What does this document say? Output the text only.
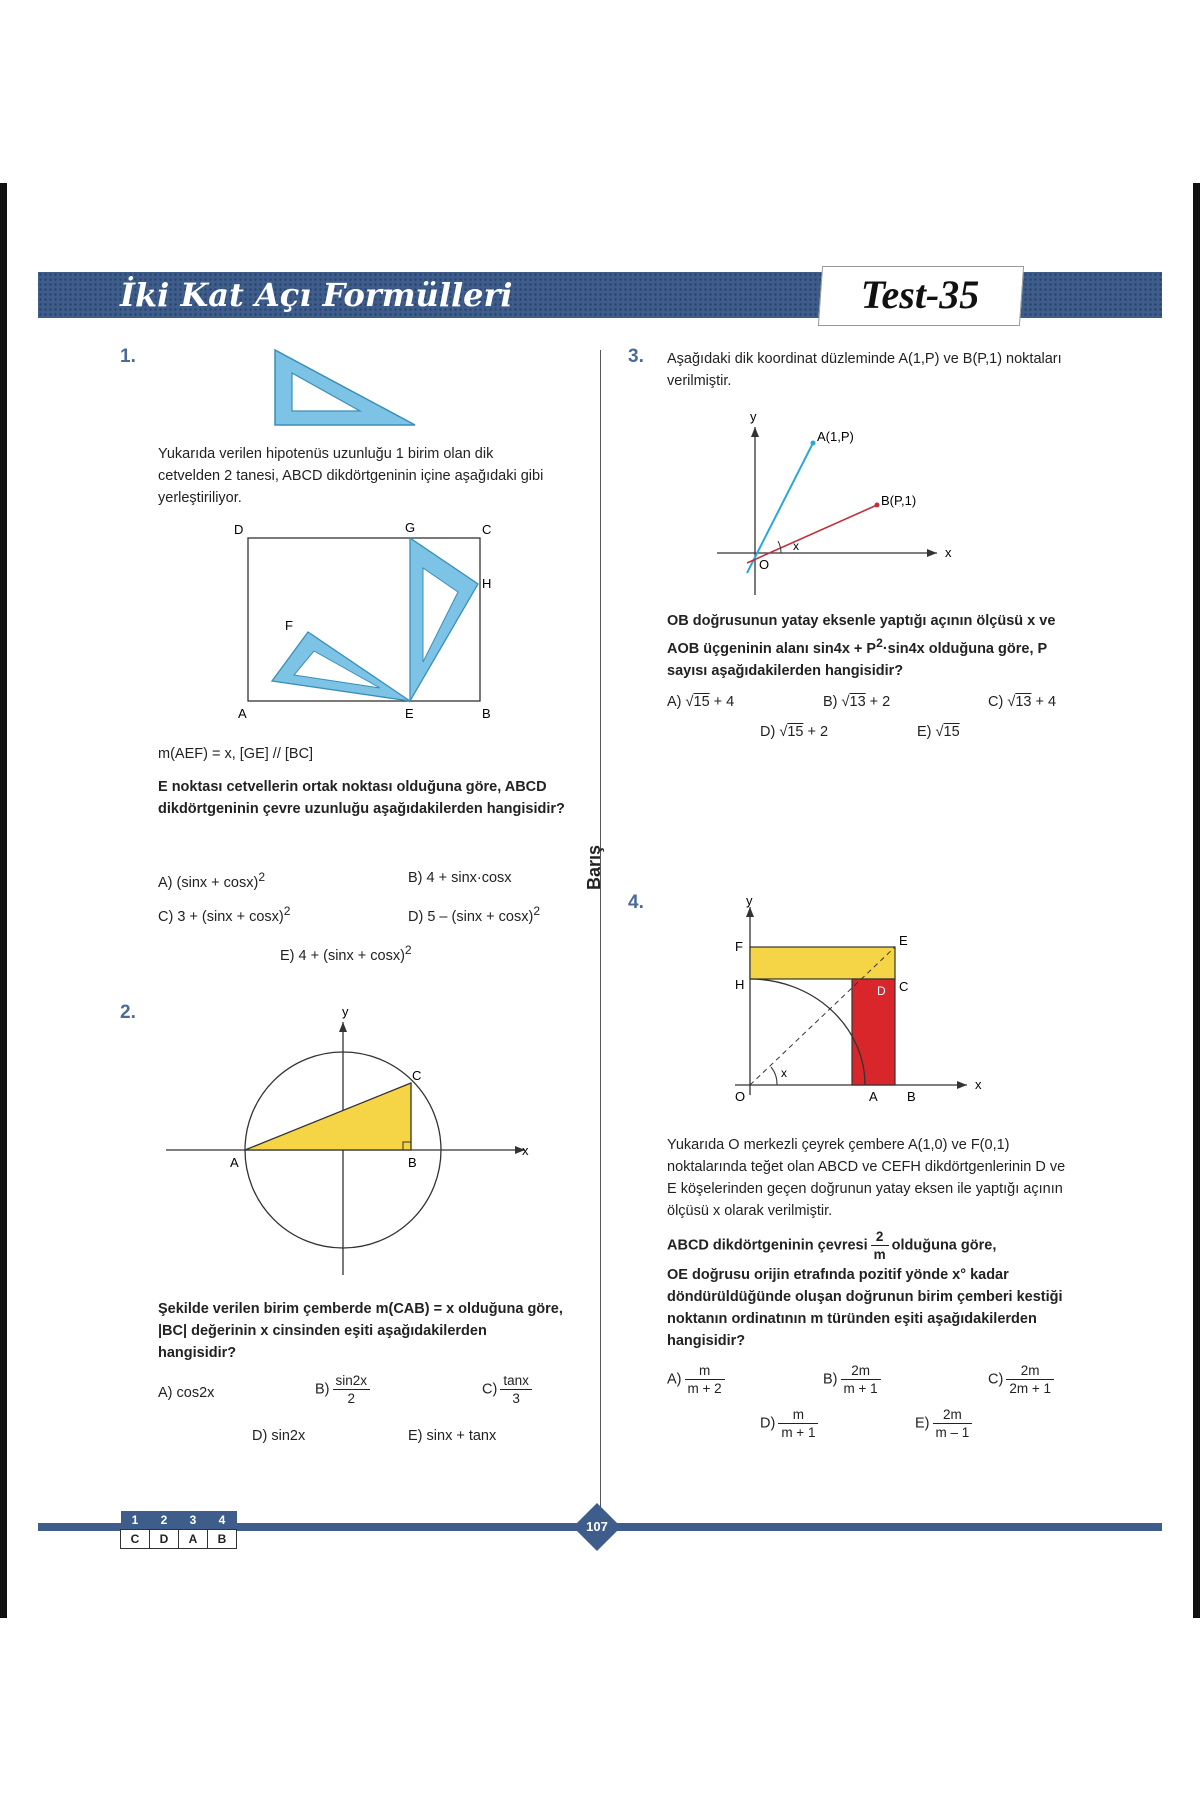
İki Kat Açı Formülleri	Test-35
Barış
1.
Yukarıda verilen hipotenüs uzunluğu 1 birim olan dik cetvelden 2 tanesi, ABCD dikdörtgeninin içine aşağıdaki gibi yerleştiriliyor.
D	G	C
H
F
A	E	B
m(AEF) = x, [GE] // [BC]
E noktası cetvellerin ortak noktası olduğuna göre, ABCD dikdörtgeninin çevre uzunluğu aşağıdakilerden hangisidir?
A) $(\sin x + \cos x)^2$	B) 4 + sinx·cosx
C) $3 + (\sin x + \cos x)^2$	D) $5 - (\sin x + \cos x)^2$
E) $4 + (\sin x + \cos x)^2$
2.	y
x
A	B
C
Şekilde verilen birim çemberde m(CAB) = x olduğuna göre, |BC| değerinin x cinsinden eşiti aşağıdakilerden hangisidir?
A) cos2x	$B) \frac{\sin 2x}{2}$	$C) \frac{\tan x}{3}$
D) sin2x	E) sinx + tanx
3. Aşağıdaki dik koordinat düzleminde A(1,P) ve B(P,1) noktaları verilmiştir.
y
x
A(1,P)
B(P,1)
O
x
OB doğrusunun yatay eksenle yaptığı açının ölçüsü x ve AOB üçgeninin alanı $\sin 4x + P^2\cdot\sin 4x$ olduğuna göre, P sayısı aşağıdakilerden hangisidir?
A) √15 + 4	B) √13 + 2	C) √13 + 4
D) √15 + 2	E) √15
4.	y
x
F	E
H	C
D
O	A B
x
Yukarıda O merkezli çeyrek çembere A(1,0) ve F(0,1) noktalarında teğet olan ABCD ve CEFH dikdörtgenlerinin D ve E köşelerinden geçen doğrunun yatay eksen ile yaptığı açının ölçüsü x olarak verilmiştir.
ABCD dikdörtgeninin çevresi $\frac{2}{m}$ olduğuna göre,
OE doğrusu orijin etrafında pozitif yönde x° kadar döndürüldüğünde oluşan doğrunun birim çemberi kestiği noktanın ordinatının m türünden eşiti aşağıdakilerden hangisidir?
$A) \frac{m}{m + 2}$	$B) \frac{2m}{m + 1}$	$C) \frac{2m}{2m + 1}$
$D) \frac{m}{m + 1}$	$E) \frac{2m}{m - 1}$
1	2	3	4
C	D	A	B
107
